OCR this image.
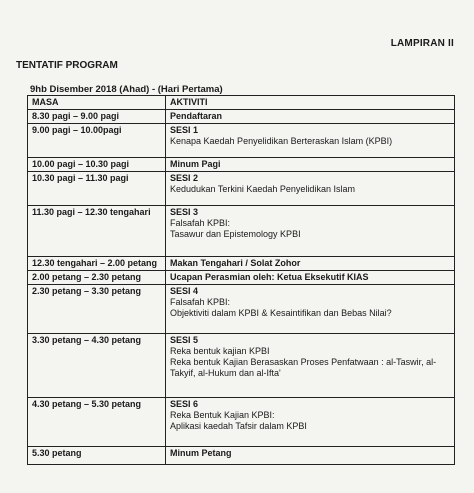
LAMPIRAN II
TENTATIF PROGRAM
9hb Disember 2018 (Ahad) - (Hari Pertama)
MASA	AKTIVITI
8.30 pagi – 9.00 pagi	Pendaftaran
9.00 pagi – 10.00pagi	SESI 1
Kenapa Kaedah Penyelidikan Berteraskan Islam (KPBI)

10.00 pagi – 10.30 pagi	Minum Pagi
10.30 pagi – 11.30 pagi	SESI 2
Kedudukan Terkini Kaedah Penyelidikan Islam

11.30 pagi – 12.30 tengahari	SESI 3
Falsafah KPBI:
Tasawur dan Epistemology KPBI

12.30 tengahari – 2.00 petang	Makan Tengahari / Solat Zohor
2.00 petang – 2.30 petang	Ucapan Perasmian oleh: Ketua Eksekutif KIAS
2.30 petang – 3.30 petang	SESI 4
Falsafah KPBI:
Objektiviti dalam KPBI & Kesaintifikan dan Bebas Nilai?

3.30 petang – 4.30 petang	SESI 5
Reka bentuk kajian KPBI
Reka bentuk Kajian Berasaskan Proses Penfatwaan : al-Taswir, al-Takyif, al-Hukum dan al-Ifta'

4.30 petang – 5.30 petang	SESI 6
Reka Bentuk Kajian KPBI:
Aplikasi kaedah Tafsir dalam KPBI

5.30 petang	Minum Petang
